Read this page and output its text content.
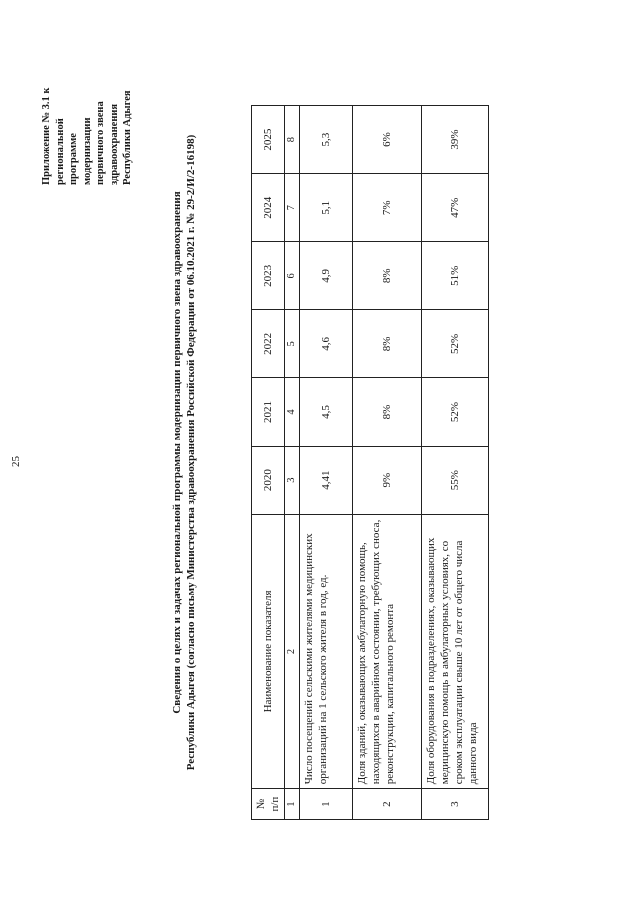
25
Приложение № 3.1 к региональной программе модернизации первичного звена здравоохранения Республики Адыгея
Сведения о целях и задачах региональной программы модернизации первичного звена здравоохранения Республики Адыгея (согласно письму Министерства здравоохранения Российской Федерации от 06.10.2021 г. № 29-2/И/2-16198)
№ п/п	Наименование показателя	2020	2021	2022	2023	2024	2025
1	2	3	4	5	6	7	8
1	Число посещений сельскими жителями медицинских организаций на 1 сельского жителя в год, ед.	4,41	4,5	4,6	4,9	5,1	5,3
2	Доля зданий, оказывающих амбулаторную помощь, находящихся в аварийном состоянии, требующих сноса, реконструкции, капитального ремонта	9%	8%	8%	8%	7%	6%
3	Доля оборудования в подразделениях, оказывающих медицинскую помощь в амбулаторных условиях, со сроком эксплуатации свыше 10 лет от общего числа данного вида	55%	52%	52%	51%	47%	39%
